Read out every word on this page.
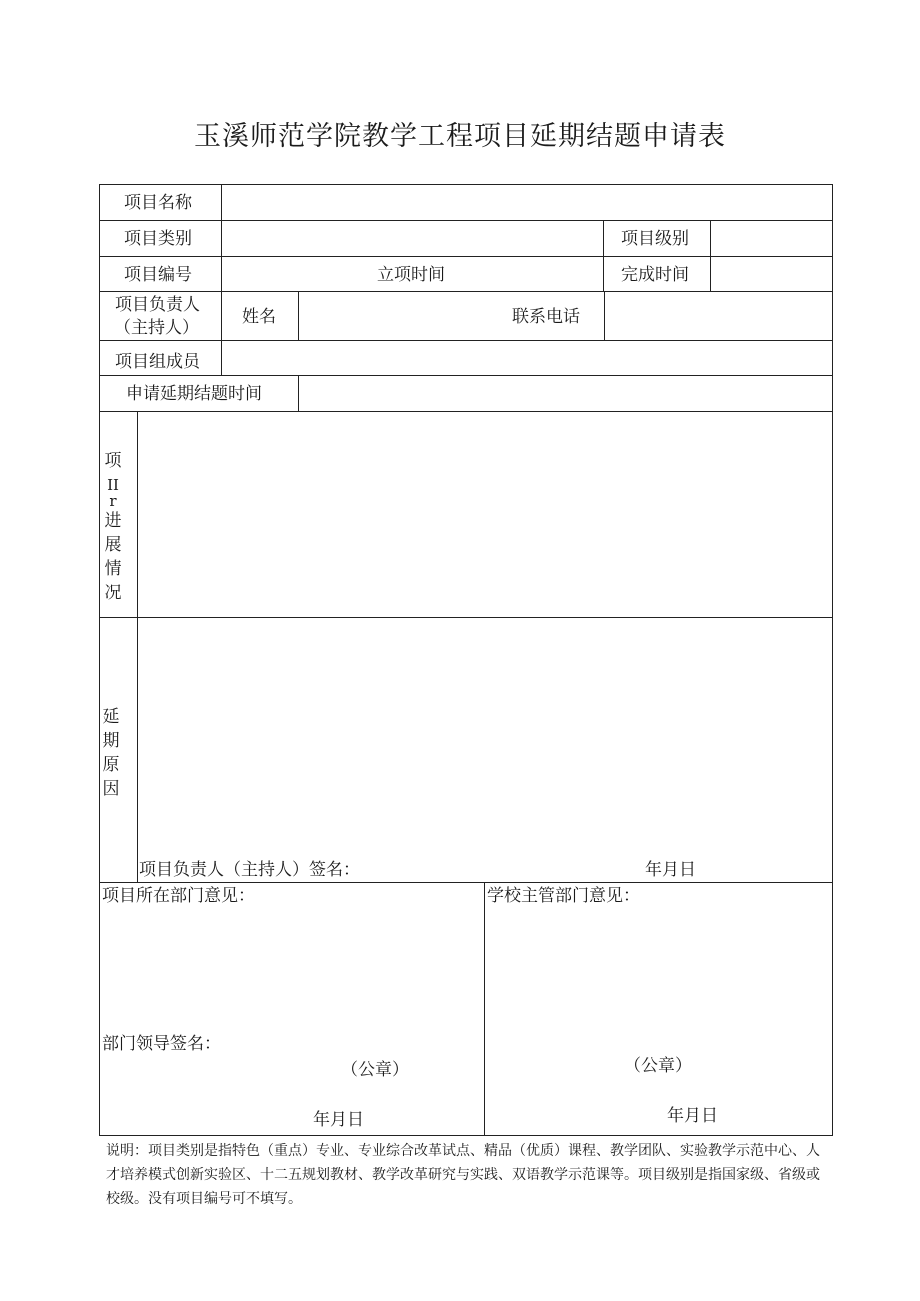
玉溪师范学院教学工程项目延期结题申请表
项目名称
项目类别	项目级别
项目编号	立项时间	完成时间
项目负责人
（主持人）
姓名	联系电话
项目组成员
申请延期结题时间
项
II
r
进
展
情
况
延
期
原
因
项目负责人（主持人）签名：	年月日
项目所在部门意见：	学校主管部门意见：
部门领导签名：
（公章）	（公章）
年月日	年月日
说明：项目类别是指特色（重点）专业、专业综合改革试点、精品（优质）课程、教学团队、实验教学示范中心、人才培养模式创新实验区、十二五规划教材、教学改革研究与实践、双语教学示范课等。项目级别是指国家级、省级或校级。没有项目编号可不填写。
